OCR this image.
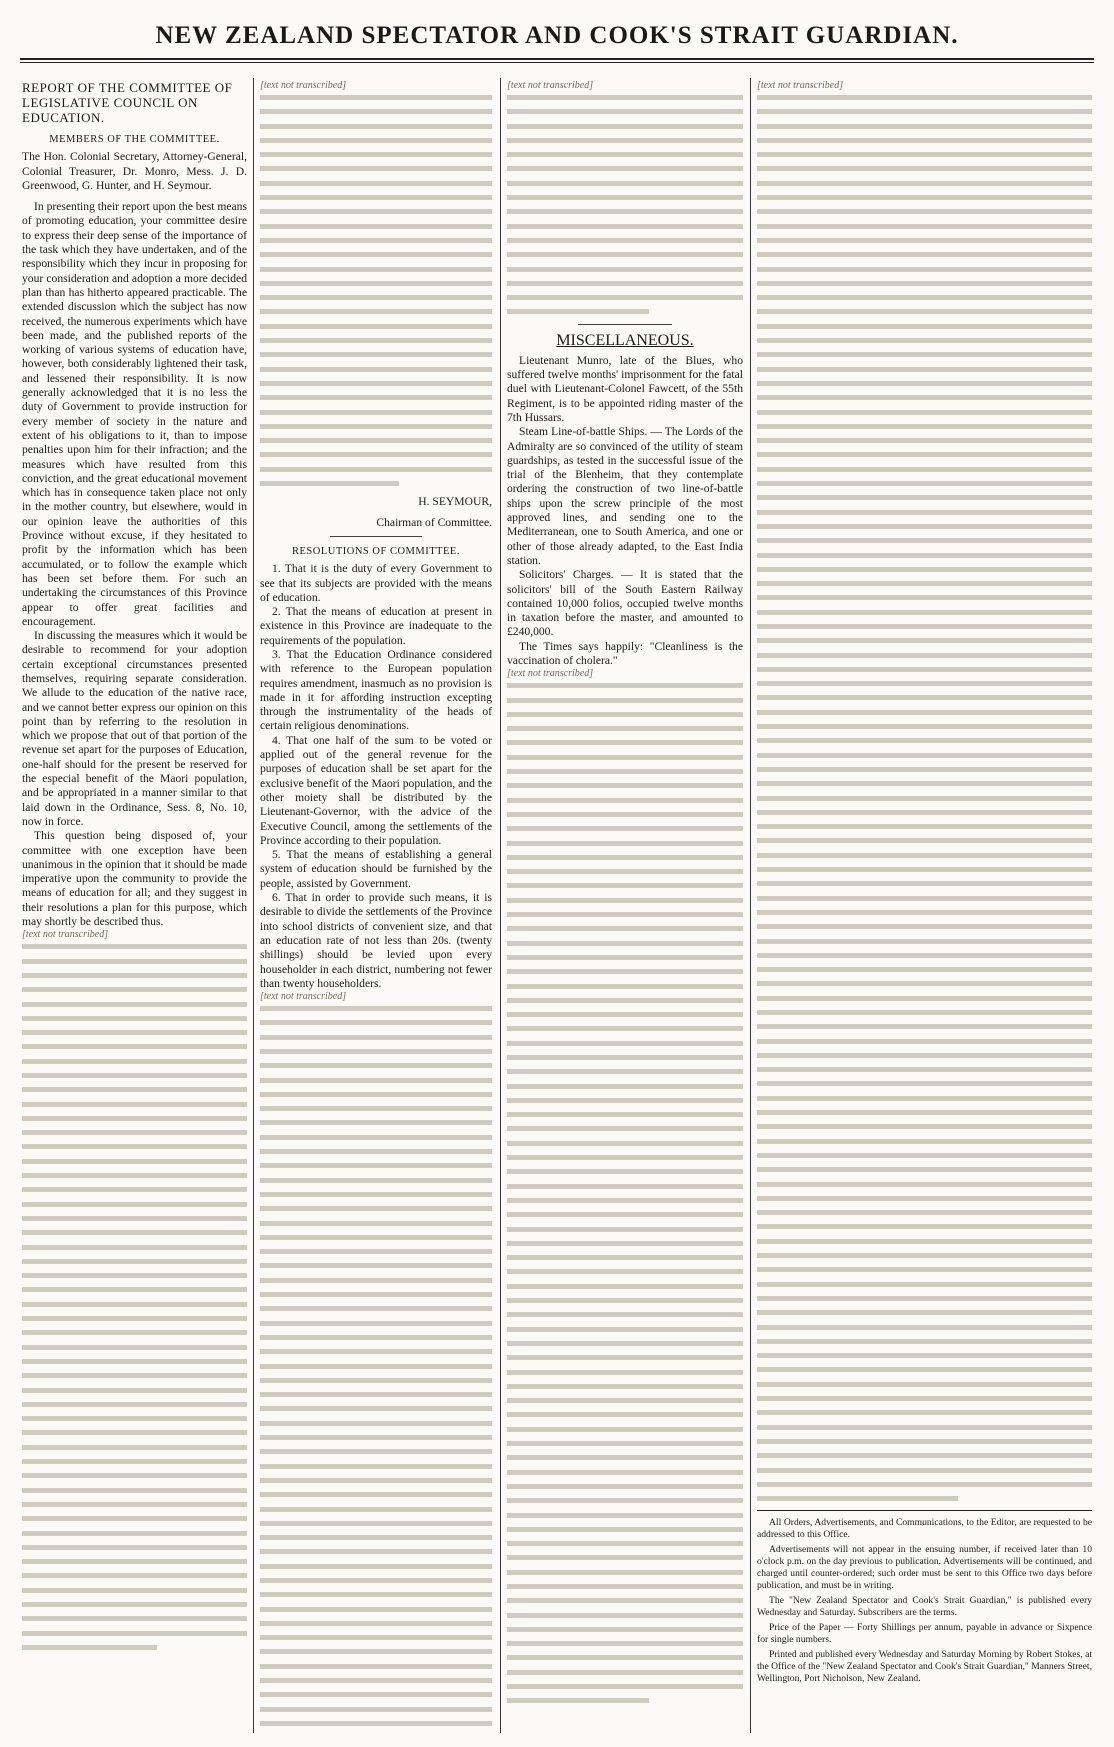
NEW ZEALAND SPECTATOR AND COOK'S STRAIT GUARDIAN.

REPORT OF THE COMMITTEE OF LEGISLATIVE COUNCIL ON EDUCATION.

MEMBERS OF THE COMMITTEE.

The Hon. Colonial Secretary, Attorney-General, Colonial Treasurer, Dr. Monro, Mess. J. D. Greenwood, G. Hunter, and H. Seymour.

In presenting their report upon the best means of promoting education, your committee desire to express their deep sense of the importance of the task which they have undertaken, and of the responsibility which they incur in proposing for your consideration and adoption a more decided plan than has hitherto appeared practicable. The extended discussion which the subject has now received, the numerous experiments which have been made, and the published reports of the working of various systems of education have, however, both considerably lightened their task, and lessened their responsibility. It is now generally acknowledged that it is no less the duty of Government to provide instruction for every member of society in the nature and extent of his obligations to it, than to impose penalties upon him for their infraction; and the measures which have resulted from this conviction, and the great educational movement which has in consequence taken place not only in the mother country, but elsewhere, would in our opinion leave the authorities of this Province without excuse, if they hesitated to profit by the information which has been accumulated, or to follow the example which has been set before them. For such an undertaking the circumstances of this Province appear to offer great facilities and encouragement.

In discussing the measures which it would be desirable to recommend for your adoption certain exceptional circumstances presented themselves, requiring separate consideration. We allude to the education of the native race, and we cannot better express our opinion on this point than by referring to the resolution in which we propose that out of that portion of the revenue set apart for the purposes of Education, one-half should for the present be reserved for the especial benefit of the Maori population, and be appropriated in a manner similar to that laid down in the Ordinance, Sess. 8, No. 10, now in force.

This question being disposed of, your committee with one exception have been unanimous in the opinion that it should be made imperative upon the community to provide the means of education for all; and they suggest in their resolutions a plan for this purpose, which may shortly be described thus.

[text not transcribed]
[text not transcribed]

H. SEYMOUR,

Chairman of Committee.

RESOLUTIONS OF COMMITTEE.

1. That it is the duty of every Government to see that its subjects are provided with the means of education.

2. That the means of education at present in existence in this Province are inadequate to the requirements of the population.

3. That the Education Ordinance considered with reference to the European population requires amendment, inasmuch as no provision is made in it for affording instruction excepting through the instrumentality of the heads of certain religious denominations.

4. That one half of the sum to be voted or applied out of the general revenue for the purposes of education shall be set apart for the exclusive benefit of the Maori population, and the other moiety shall be distributed by the Lieutenant-Governor, with the advice of the Executive Council, among the settlements of the Province according to their population.

5. That the means of establishing a general system of education should be furnished by the people, assisted by Government.

6. That in order to provide such means, it is desirable to divide the settlements of the Province into school districts of convenient size, and that an education rate of not less than 20s. (twenty shillings) should be levied upon every householder in each district, numbering not fewer than twenty householders.

[text not transcribed]
[text not transcribed]

MISCELLANEOUS.

Lieutenant Munro, late of the Blues, who suffered twelve months' imprisonment for the fatal duel with Lieutenant-Colonel Fawcett, of the 55th Regiment, is to be appointed riding master of the 7th Hussars.

Steam Line-of-battle Ships. — The Lords of the Admiralty are so convinced of the utility of steam guardships, as tested in the successful issue of the trial of the Blenheim, that they contemplate ordering the construction of two line-of-battle ships upon the screw principle of the most approved lines, and sending one to the Mediterranean, one to South America, and one or other of those already adapted, to the East India station.

Solicitors' Charges. — It is stated that the solicitors' bill of the South Eastern Railway contained 10,000 folios, occupied twelve months in taxation before the master, and amounted to £240,000.

The Times says happily: "Cleanliness is the vaccination of cholera."

[text not transcribed]
[text not transcribed]

All Orders, Advertisements, and Communications, to the Editor, are requested to be addressed to this Office.

Advertisements will not appear in the ensuing number, if received later than 10 o'clock p.m. on the day previous to publication. Advertisements will be continued, and charged until counter-ordered; such order must be sent to this Office two days before publication, and must be in writing.

The "New Zealand Spectator and Cook's Strait Guardian," is published every Wednesday and Saturday. Subscribers are the terms.

Price of the Paper — Forty Shillings per annum, payable in advance or Sixpence for single numbers.

Printed and published every Wednesday and Saturday Morning by Robert Stokes, at the Office of the "New Zealand Spectator and Cook's Strait Guardian," Manners Street, Wellington, Port Nicholson, New Zealand.
